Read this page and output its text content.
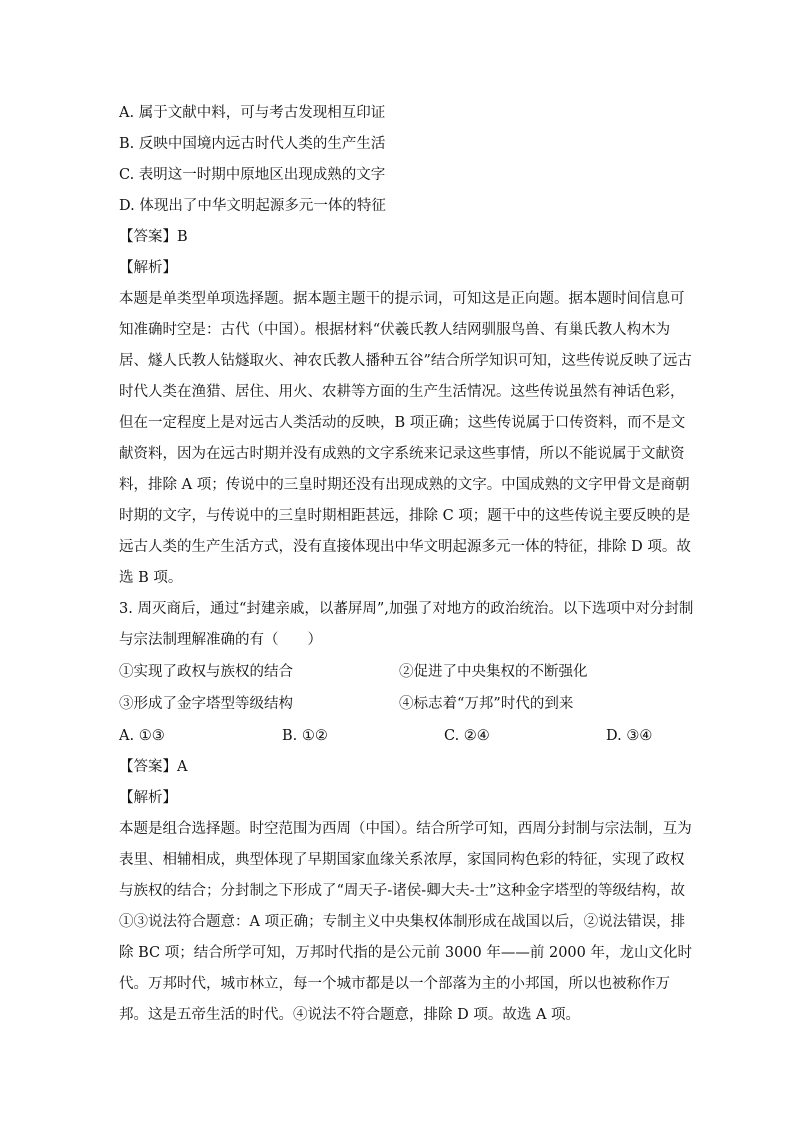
A. 属于文献中料，可与考古发现相互印证
B. 反映中国境内远古时代人类的生产生活
C. 表明这一时期中原地区出现成熟的文字
D. 体现出了中华文明起源多元一体的特征
【答案】B
【解析】
本题是单类型单项选择题。据本题主题干的提示词，可知这是正向题。据本题时间信息可
知准确时空是：古代（中国）。根据材料“伏羲氏教人结网驯服鸟兽、有巢氏教人构木为
居、燧人氏教人钻燧取火、神农氏教人播种五谷”结合所学知识可知，这些传说反映了远古
时代人类在渔猎、居住、用火、农耕等方面的生产生活情况。这些传说虽然有神话色彩，
但在一定程度上是对远古人类活动的反映，B 项正确；这些传说属于口传资料，而不是文
献资料，因为在远古时期并没有成熟的文字系统来记录这些事情，所以不能说属于文献资
料，排除 A 项；传说中的三皇时期还没有出现成熟的文字。中国成熟的文字甲骨文是商朝
时期的文字，与传说中的三皇时期相距甚远，排除 C 项；题干中的这些传说主要反映的是
远古人类的生产生活方式，没有直接体现出中华文明起源多元一体的特征，排除 D 项。故
选 B 项。
3. 周灭商后，通过“封建亲戚，以蕃屏周”,加强了对地方的政治统治。以下选项中对分封制
与宗法制理解准确的有（　　）
①实现了政权与族权的结合	②促进了中央集权的不断强化
③形成了金字塔型等级结构	④标志着“万邦”时代的到来
A. ①③	B. ①②	C. ②④	D. ③④
【答案】A
【解析】
本题是组合选择题。时空范围为西周（中国）。结合所学可知，西周分封制与宗法制，互为
表里、相辅相成，典型体现了早期国家血缘关系浓厚，家国同构色彩的特征，实现了政权
与族权的结合；分封制之下形成了“周天子-诸侯-卿大夫-士”这种金字塔型的等级结构，故
①③说法符合题意：A 项正确；专制主义中央集权体制形成在战国以后，②说法错误，排
除 BC 项；结合所学可知，万邦时代指的是公元前 3000 年——前 2000 年，龙山文化时
代。万邦时代，城市林立，每一个城市都是以一个部落为主的小邦国，所以也被称作万
邦。这是五帝生活的时代。④说法不符合题意，排除 D 项。故选 A 项。
